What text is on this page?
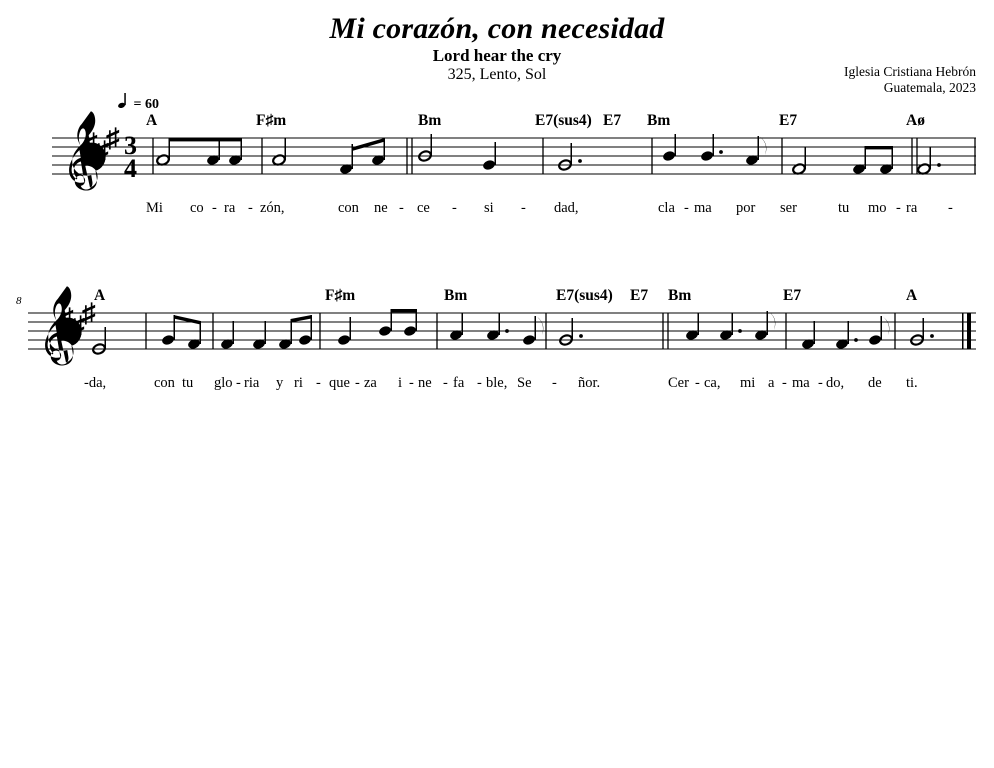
Mi corazón, con necesidad
Lord hear the cry
325, Lento, Sol	Iglesia Cristiana Hebrón
Guatemala, 2023
= 60
♯
♯
♯ 3
4
A	F♯m	Bm	E7(sus4) E7 Bm	E7	Aø
Mi co - ra - zón,	con ne - ce - si - dad,	cla - ma por ser	tu mo - ra -
8
♯
♯
♯
A	F♯m	Bm	E7(sus4) E7 Bm	E7	A
-da,	con tu glo - ria y ri - que - za i - ne - fa - ble, Se - ñor.	Cer - ca, mi a - ma - do, de ti.
